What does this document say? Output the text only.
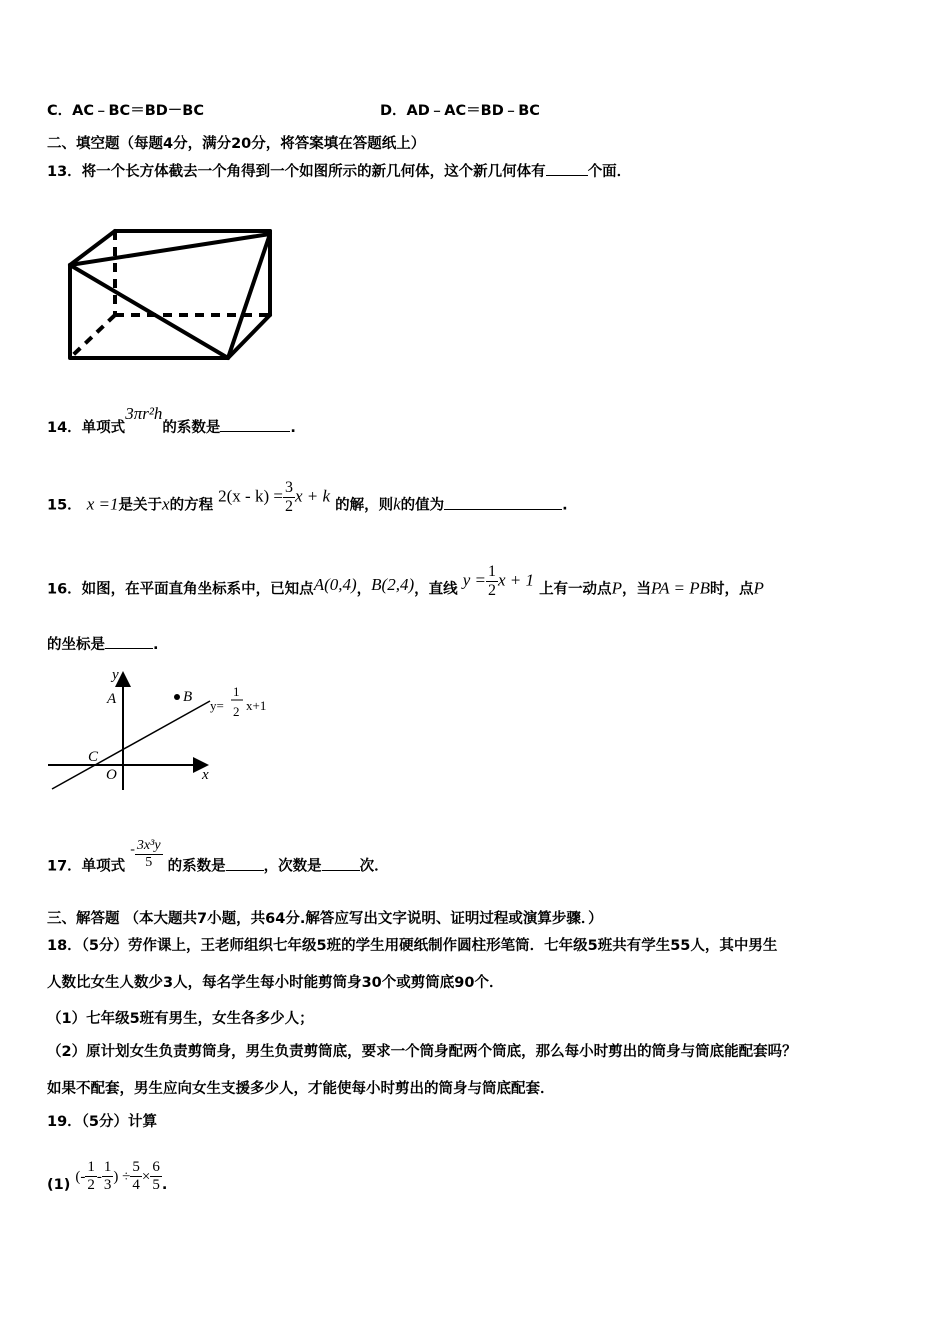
C．AC﹣BC＝BD－BC	D．AD﹣AC＝BD﹣BC
二、填空题（每题4分，满分20分，将答案填在答题纸上）
13．将一个长方体截去一个角得到一个如图所示的新几何体，这个新几何体有	个面．
14．单项式3πr²h的系数是	.
15． x =1是关于x的方程 $2(x - k) = \frac{3}{2}$ x + k 的解，则k的值为	.
16．如图，在平面直角坐标系中，已知点A(0,4)，B(2,4)，直线 $y = \frac{1}{2}$ x + 1 上有一动点P，当PA = PB时，点P
的坐标是	.
y
x
A	B
C
O
y=
1
2 x+1
17．单项式 - $\frac{\text{3x³y}}{5}$ 的系数是	，次数是	次．
三、解答题 （本大题共7小题，共64分.解答应写出文字说明、证明过程或演算步骤．）
18．（5分）劳作课上，王老师组织七年级5班的学生用硬纸制作圆柱形笔筒．七年级5班共有学生55人，其中男生
人数比女生人数少3人，每名学生每小时能剪筒身30个或剪筒底90个．
（1）七年级5班有男生，女生各多少人；
（2）原计划女生负责剪筒身，男生负责剪筒底，要求一个筒身配两个筒底，那么每小时剪出的筒身与筒底能配套吗？
如果不配套，男生应向女生支援多少人，才能使每小时剪出的筒身与筒底配套．
19．（5分）计算
(1) (- $\frac{1}{2} - \frac{1}{3}$ ) ÷ $\frac{5}{4} \times \frac{6}{5}$ .
